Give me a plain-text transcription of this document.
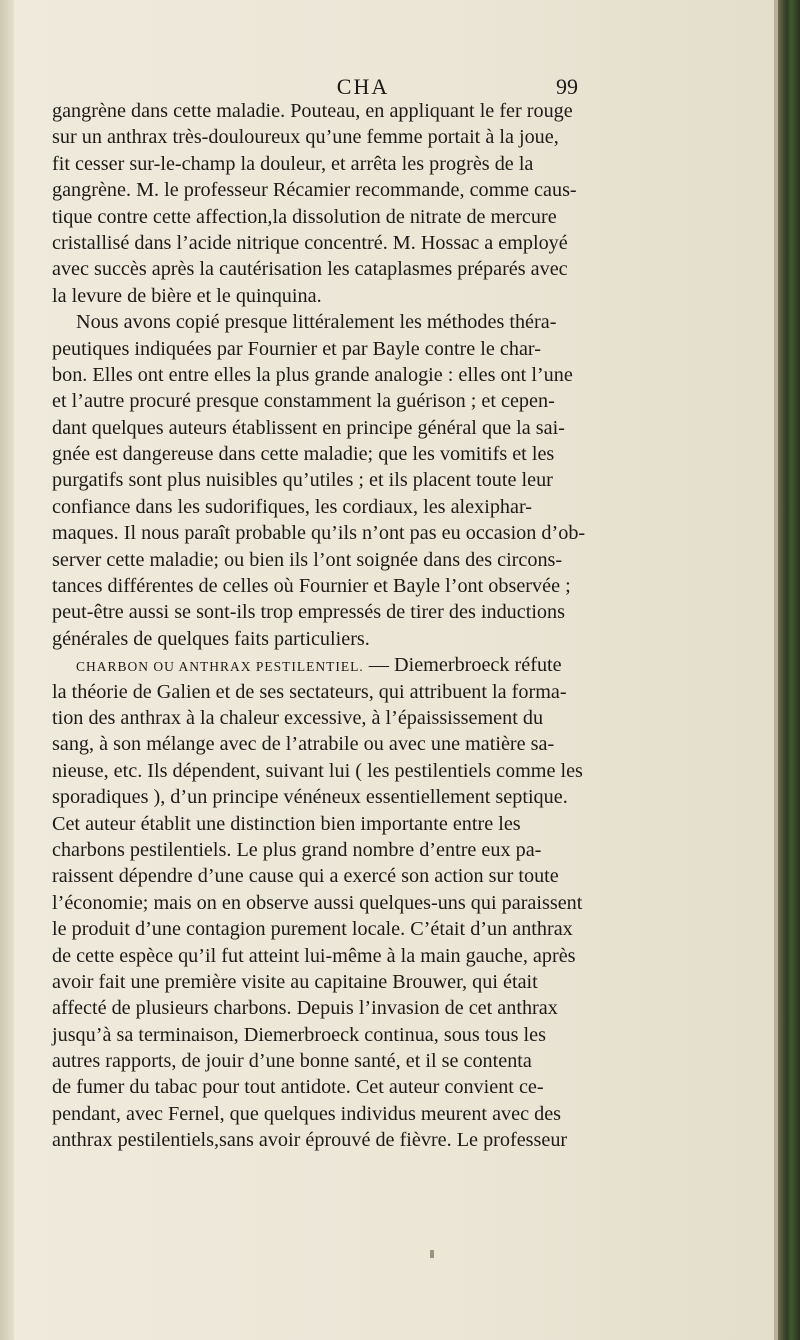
CHA	99
gangrène dans cette maladie. Pouteau, en appliquant le fer rouge
sur un anthrax très-douloureux qu’une femme portait à la joue,
fit cesser sur-le-champ la douleur, et arrêta les progrès de la
gangrène. M. le professeur Récamier recommande, comme caus-
tique contre cette affection,la dissolution de nitrate de mercure
cristallisé dans l’acide nitrique concentré. M. Hossac a employé
avec succès après la cautérisation les cataplasmes préparés avec
la levure de bière et le quinquina.
Nous avons copié presque littéralement les méthodes théra-
peutiques indiquées par Fournier et par Bayle contre le char-
bon. Elles ont entre elles la plus grande analogie : elles ont l’une
et l’autre procuré presque constamment la guérison ; et cepen-
dant quelques auteurs établissent en principe général que la sai-
gnée est dangereuse dans cette maladie; que les vomitifs et les
purgatifs sont plus nuisibles qu’utiles ; et ils placent toute leur
confiance dans les sudorifiques, les cordiaux, les alexiphar-
maques. Il nous paraît probable qu’ils n’ont pas eu occasion d’ob-
server cette maladie; ou bien ils l’ont soignée dans des circons-
tances différentes de celles où Fournier et Bayle l’ont observée ;
peut-être aussi se sont-ils trop empressés de tirer des inductions
générales de quelques faits particuliers.
CHARBON OU ANTHRAX PESTILENTIEL. — Diemerbroeck réfute
la théorie de Galien et de ses sectateurs, qui attribuent la forma-
tion des anthrax à la chaleur excessive, à l’épaississement du
sang, à son mélange avec de l’atrabile ou avec une matière sa-
nieuse, etc. Ils dépendent, suivant lui ( les pestilentiels comme les
sporadiques ), d’un principe vénéneux essentiellement septique.
Cet auteur établit une distinction bien importante entre les
charbons pestilentiels. Le plus grand nombre d’entre eux pa-
raissent dépendre d’une cause qui a exercé son action sur toute
l’économie; mais on en observe aussi quelques-uns qui paraissent
le produit d’une contagion purement locale. C’était d’un anthrax
de cette espèce qu’il fut atteint lui-même à la main gauche, après
avoir fait une première visite au capitaine Brouwer, qui était
affecté de plusieurs charbons. Depuis l’invasion de cet anthrax
jusqu’à sa terminaison, Diemerbroeck continua, sous tous les
autres rapports, de jouir d’une bonne santé, et il se contenta
de fumer du tabac pour tout antidote. Cet auteur convient ce-
pendant, avec Fernel, que quelques individus meurent avec des
anthrax pestilentiels,sans avoir éprouvé de fièvre. Le professeur
